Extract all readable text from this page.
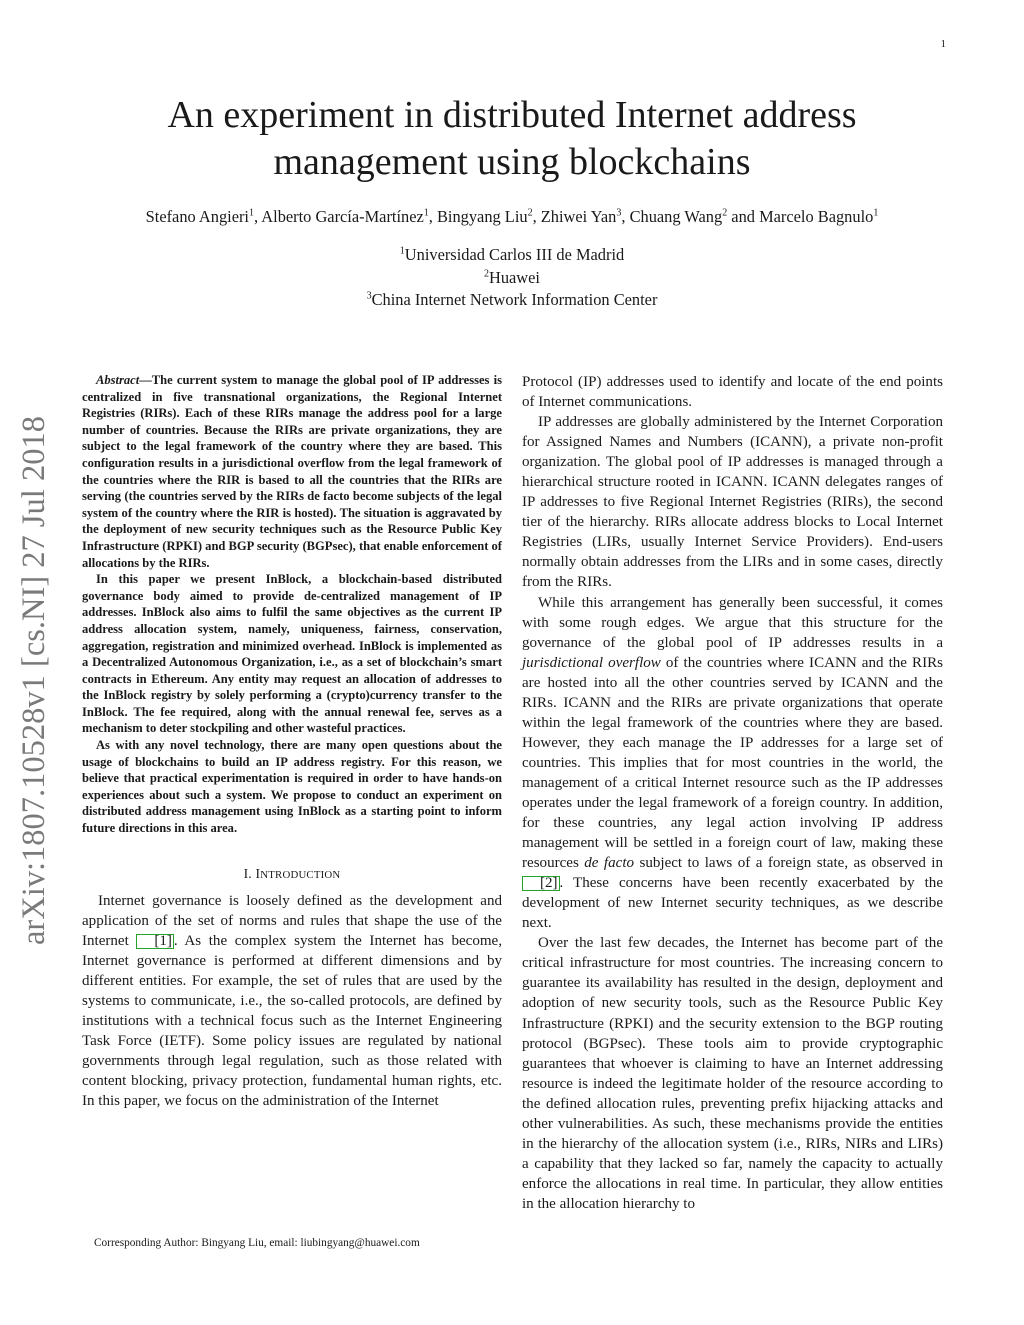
1
An experiment in distributed Internet address
management using blockchains
Stefano Angieri$^1$, Alberto García-Martínez$^1$, Bingyang Liu$^2$, Zhiwei Yan$^3$, Chuang Wang$^2$ and Marcelo Bagnulo$^1$
$^1$Universidad Carlos III de Madrid
$^2$Huawei
$^3$China Internet Network Information Center
arXiv:1807.10528v1 [cs.NI] 27 Jul 2018

Abstract—The current system to manage the global pool of IP addresses is centralized in five transnational organizations, the Regional Internet Registries (RIRs). Each of these RIRs manage the address pool for a large number of countries. Because the RIRs are private organizations, they are subject to the legal framework of the country where they are based. This configuration results in a jurisdictional overflow from the legal framework of the countries where the RIR is based to all the countries that the RIRs are serving (the countries served by the RIRs de facto become subjects of the legal system of the country where the RIR is hosted). The situation is aggravated by the deployment of new security techniques such as the Resource Public Key Infrastructure (RPKI) and BGP security (BGPsec), that enable enforcement of allocations by the RIRs.

In this paper we present InBlock, a blockchain-based distributed governance body aimed to provide de-centralized management of IP addresses. InBlock also aims to fulfil the same objectives as the current IP address allocation system, namely, uniqueness, fairness, conservation, aggregation, registration and minimized overhead. InBlock is implemented as a Decentralized Autonomous Organization, i.e., as a set of blockchain’s smart contracts in Ethereum. Any entity may request an allocation of addresses to the InBlock registry by solely performing a (crypto)currency transfer to the InBlock. The fee required, along with the annual renewal fee, serves as a mechanism to deter stockpiling and other wasteful practices.

As with any novel technology, there are many open questions about the usage of blockchains to build an IP address registry. For this reason, we believe that practical experimentation is required in order to have hands-on experiences about such a system. We propose to conduct an experiment on distributed address management using InBlock as a starting point to inform future directions in this area.

I. INTRODUCTION

Internet governance is loosely defined as the development and application of the set of norms and rules that shape the use of the Internet [1] . As the complex system the Internet has become, Internet governance is performed at different dimensions and by different entities. For example, the set of rules that are used by the systems to communicate, i.e., the so-called protocols, are defined by institutions with a technical focus such as the Internet Engineering Task Force (IETF). Some policy issues are regulated by national governments through legal regulation, such as those related with content blocking, privacy protection, fundamental human rights, etc. In this paper, we focus on the administration of the Internet

Corresponding Author: Bingyang Liu, email: liubingyang@huawei.com

Protocol (IP) addresses used to identify and locate of the end points of Internet communications.

IP addresses are globally administered by the Internet Corporation for Assigned Names and Numbers (ICANN), a private non-profit organization. The global pool of IP addresses is managed through a hierarchical structure rooted in ICANN. ICANN delegates ranges of IP addresses to five Regional Internet Registries (RIRs), the second tier of the hierarchy. RIRs allocate address blocks to Local Internet Registries (LIRs, usually Internet Service Providers). End-users normally obtain addresses from the LIRs and in some cases, directly from the RIRs.

While this arrangement has generally been successful, it comes with some rough edges. We argue that this structure for the governance of the global pool of IP addresses results in a jurisdictional overflow of the countries where ICANN and the RIRs are hosted into all the other countries served by ICANN and the RIRs. ICANN and the RIRs are private organizations that operate within the legal framework of the countries where they are based. However, they each manage the IP addresses for a large set of countries. This implies that for most countries in the world, the management of a critical Internet resource such as the IP addresses operates under the legal framework of a foreign country. In addition, for these countries, any legal action involving IP address management will be settled in a foreign court of law, making these resources de facto subject to laws of a foreign state, as observed in [2] . These concerns have been recently exacerbated by the development of new Internet security techniques, as we describe next.

Over the last few decades, the Internet has become part of the critical infrastructure for most countries. The increasing concern to guarantee its availability has resulted in the design, deployment and adoption of new security tools, such as the Resource Public Key Infrastructure (RPKI) and the security extension to the BGP routing protocol (BGPsec). These tools aim to provide cryptographic guarantees that whoever is claiming to have an Internet addressing resource is indeed the legitimate holder of the resource according to the defined allocation rules, preventing prefix hijacking attacks and other vulnerabilities. As such, these mechanisms provide the entities in the hierarchy of the allocation system (i.e., RIRs, NIRs and LIRs) a capability that they lacked so far, namely the capacity to actually enforce the allocations in real time. In particular, they allow entities in the allocation hierarchy to
